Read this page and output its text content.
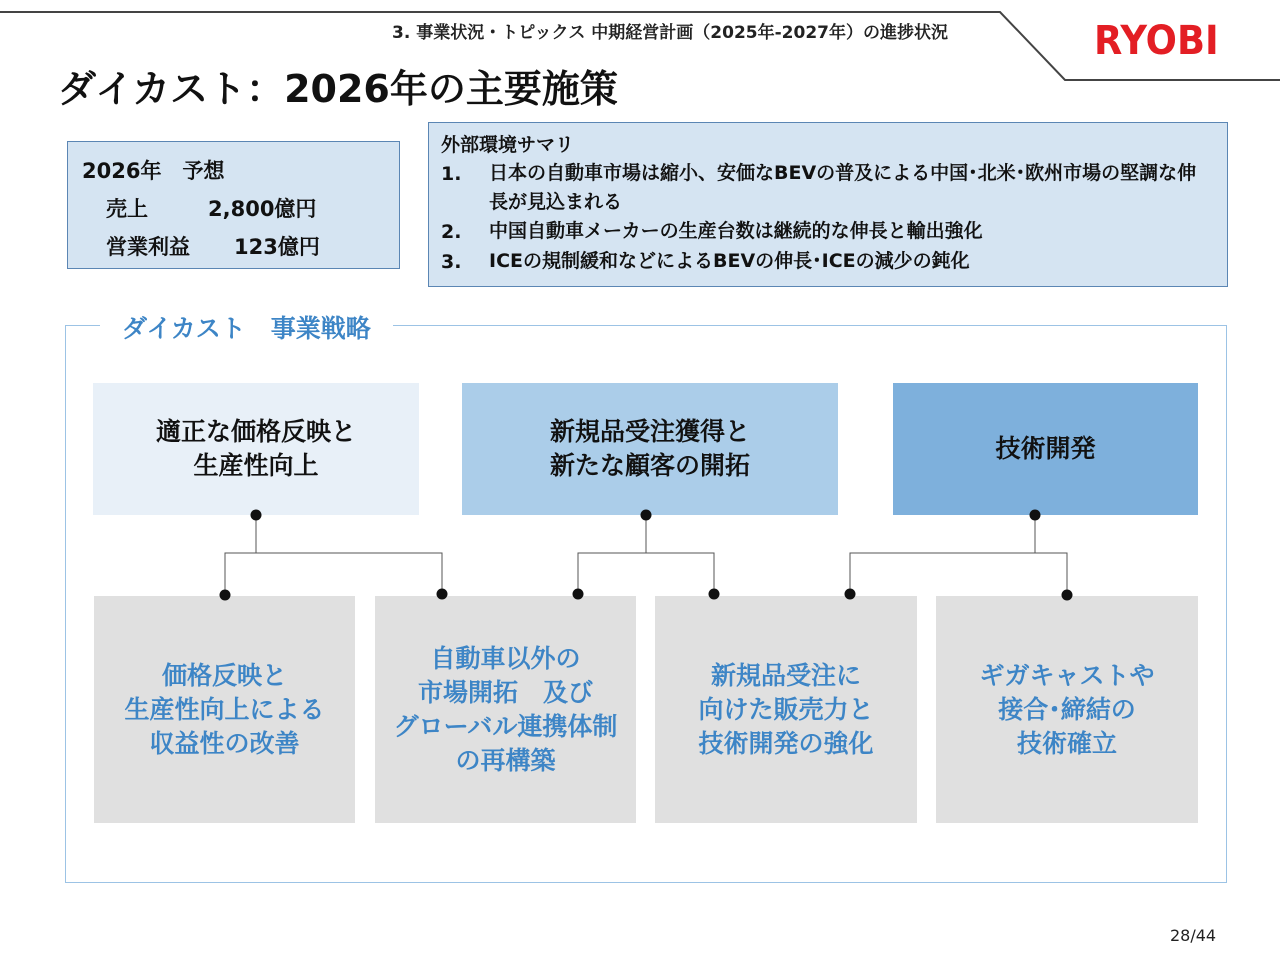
3. 事業状況・トピックス 中期経営計画（2025年-2027年）の進捗状況	RYOBI
ダイカスト：2026年の主要施策
2026年　予想
売上	2,800億円
営業利益 123億円
外部環境サマリ
1.	日本の自動車市場は縮小、安価なBEVの普及による中国･北米･欧州市場の堅調な伸長が見込まれる
2.	中国自動車メーカーの生産台数は継続的な伸長と輸出強化
3.	ICEの規制緩和などによるBEVの伸長･ICEの減少の鈍化
ダイカスト　事業戦略
適正な価格反映と
生産性向上
新規品受注獲得と
新たな顧客の開拓
技術開発
価格反映と
生産性向上による
収益性の改善
自動車以外の
市場開拓　及び
グローバル連携体制
の再構築
新規品受注に
向けた販売力と
技術開発の強化
ギガキャストや
接合･締結の
技術確立
28/44
